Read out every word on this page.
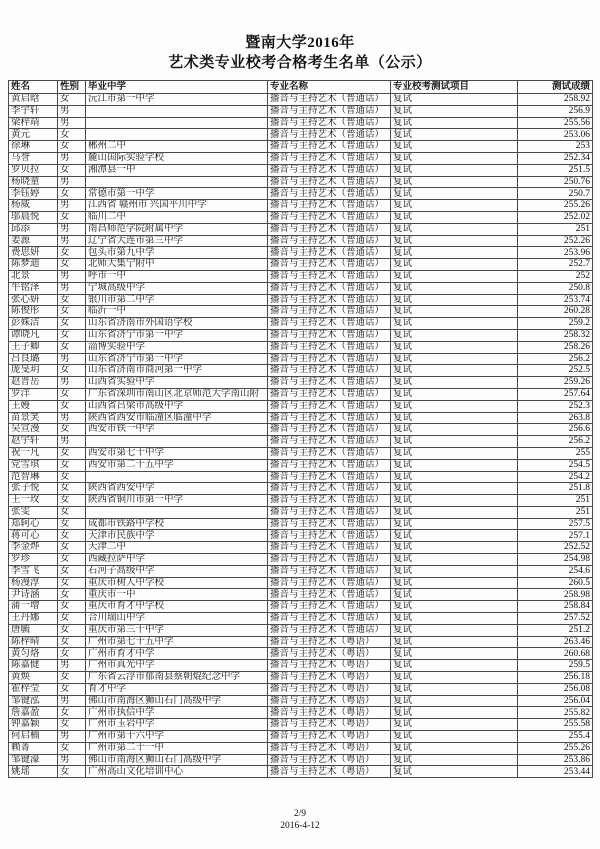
暨南大学2016年
艺术类专业校考合格考生名单（公示）
姓名	性别	毕业中学	专业名称	专业校考测试项目	测试成绩
黄启晗	女	沅江市第一中学	播音与主持艺术（普通话）	复试	258.92
李宇轩	男		播音与主持艺术（普通话）	复试	256.9
梁梓靖	男		播音与主持艺术（普通话）	复试	255.56
黄元	女		播音与主持艺术（普通话）	复试	253.06
徐琳	女	郴州二中	播音与主持艺术（普通话）	复试	253
马誉	男	麓山国际实验学校	播音与主持艺术（普通话）	复试	252.34
罗贝拉	女	湘潭县一中	播音与主持艺术（普通话）	复试	251.5
杨晓童	男		播音与主持艺术（普通话）	复试	250.76
李钰婷	女	常德市第一中学	播音与主持艺术（普通话）	复试	250.7
杨威	男	江西省 赣州市 兴国平川中学	播音与主持艺术（普通话）	复试	255.26
邬晨悦	女	临川二中	播音与主持艺术（普通话）	复试	252.02
邱添	男	南昌师范学院附属中学	播音与主持艺术（普通话）	复试	251
姜源	男	辽宁省大连市第三中学	播音与主持艺术（普通话）	复试	252.26
费思妍	女	包头市第九中学	播音与主持艺术（普通话）	复试	253.96
陈梦迪	女	北师大集宁附中	播音与主持艺术（普通话）	复试	252.7
北景	男	呼市一中	播音与主持艺术（普通话）	复试	252
牛铭泽	男	宁城高级中学	播音与主持艺术（普通话）	复试	250.8
张心妍	女	银川市第二中学	播音与主持艺术（普通话）	复试	253.74
陈俊彤	女	临沂一中	播音与主持艺术（普通话）	复试	260.28
彭姝洁	女	山东省济南市外国语学校	播音与主持艺术（普通话）	复试	259.2
谭晓凡	女	山东省济宁市第一中学	播音与主持艺术（普通话）	复试	258.32
王子卿	女	淄博实验中学	播音与主持艺术（普通话）	复试	258.26
吕良璐	男	山东省济宁市第一中学	播音与主持艺术（普通话）	复试	256.2
庞旻玥	女	山东省济南市商河第一中学	播音与主持艺术（普通话）	复试	252.5
赵晋岳	男	山西省实验中学	播音与主持艺术（普通话）	复试	259.26
罗洋	女	广东省深圳市南山区北京师范大学南山附	播音与主持艺术（普通话）	复试	257.64
王嫚	女	山西省吕梁市高级中学	播音与主持艺术（普通话）	复试	252.3
苗景笑	男	陕西省西安市临潼区临潼中学	播音与主持艺术（普通话）	复试	263.8
吴宣漫	女	西安市铁一中学	播音与主持艺术（普通话）	复试	256.6
赵宇轩	男		播音与主持艺术（普通话）	复试	256.2
祝一凡	女	西安市第七十中学	播音与主持艺术（普通话）	复试	255
党雪琪	女	西安市第二十五中学	播音与主持艺术（普通话）	复试	254.5
范智琳	女		播音与主持艺术（普通话）	复试	254.2
张子悦	女	陕西省西安中学	播音与主持艺术（普通话）	复试	251.8
王一玫	女	陕西省铜川市第一中学	播音与主持艺术（普通话）	复试	251
张雯	女		播音与主持艺术（普通话）	复试	251
郑轲心	女	成都市铁路中学校	播音与主持艺术（普通话）	复试	257.5
蒋可心	女	天津市民族中学	播音与主持艺术（普通话）	复试	257.1
李金烨	女	天津二中	播音与主持艺术（普通话）	复试	252.52
罗珍	女	西藏拉萨中学	播音与主持艺术（普通话）	复试	254.98
李雪飞	女	石河子高级中学	播音与主持艺术（普通话）	复试	254.6
杨漫淳	女	重庆市树人中学校	播音与主持艺术（普通话）	复试	260.5
尹诗涵	女	重庆市一中	播音与主持艺术（普通话）	复试	258.98
蒲一增	女	重庆市育才中学校	播音与主持艺术（普通话）	复试	258.84
王丹娜	女	合川瑞山中学	播音与主持艺术（普通话）	复试	257.52
唐毓	女	重庆市第三十中学	播音与主持艺术（普通话）	复试	251.2
陈梓晴	女	广州市第七十五中学	播音与主持艺术（粤语）	复试	263.46
黄匀烙	女	广州市育才中学	播音与主持艺术（粤语）	复试	260.68
陈嘉健	男	广州市真光中学	播音与主持艺术（粤语）	复试	259.5
黄焕	女	广东省云浮市郁南县蔡朝焜纪念中学	播音与主持艺术（粤语）	复试	256.18
霍梓莹	女	育才中学	播音与主持艺术（粤语）	复试	256.08
邹键泓	男	佛山市南海区狮山石门高级中学	播音与主持艺术（粤语）	复试	256.04
詹嘉盈	女	广州市执信中学	播音与主持艺术（粤语）	复试	255.82
钟嘉颖	女	广州市玉岩中学	播音与主持艺术（粤语）	复试	255.58
何启楠	男	广州市第十六中学	播音与主持艺术（粤语）	复试	255.4
赖菁	女	广州市第二十一中	播音与主持艺术（粤语）	复试	255.26
邹键濠	男	佛山市南海区狮山石门高级中学	播音与主持艺术（粤语）	复试	253.86
姚瑶	女	广州高山文化培训中心	播音与主持艺术（粤语）	复试	253.44
2/9
2016-4-12
